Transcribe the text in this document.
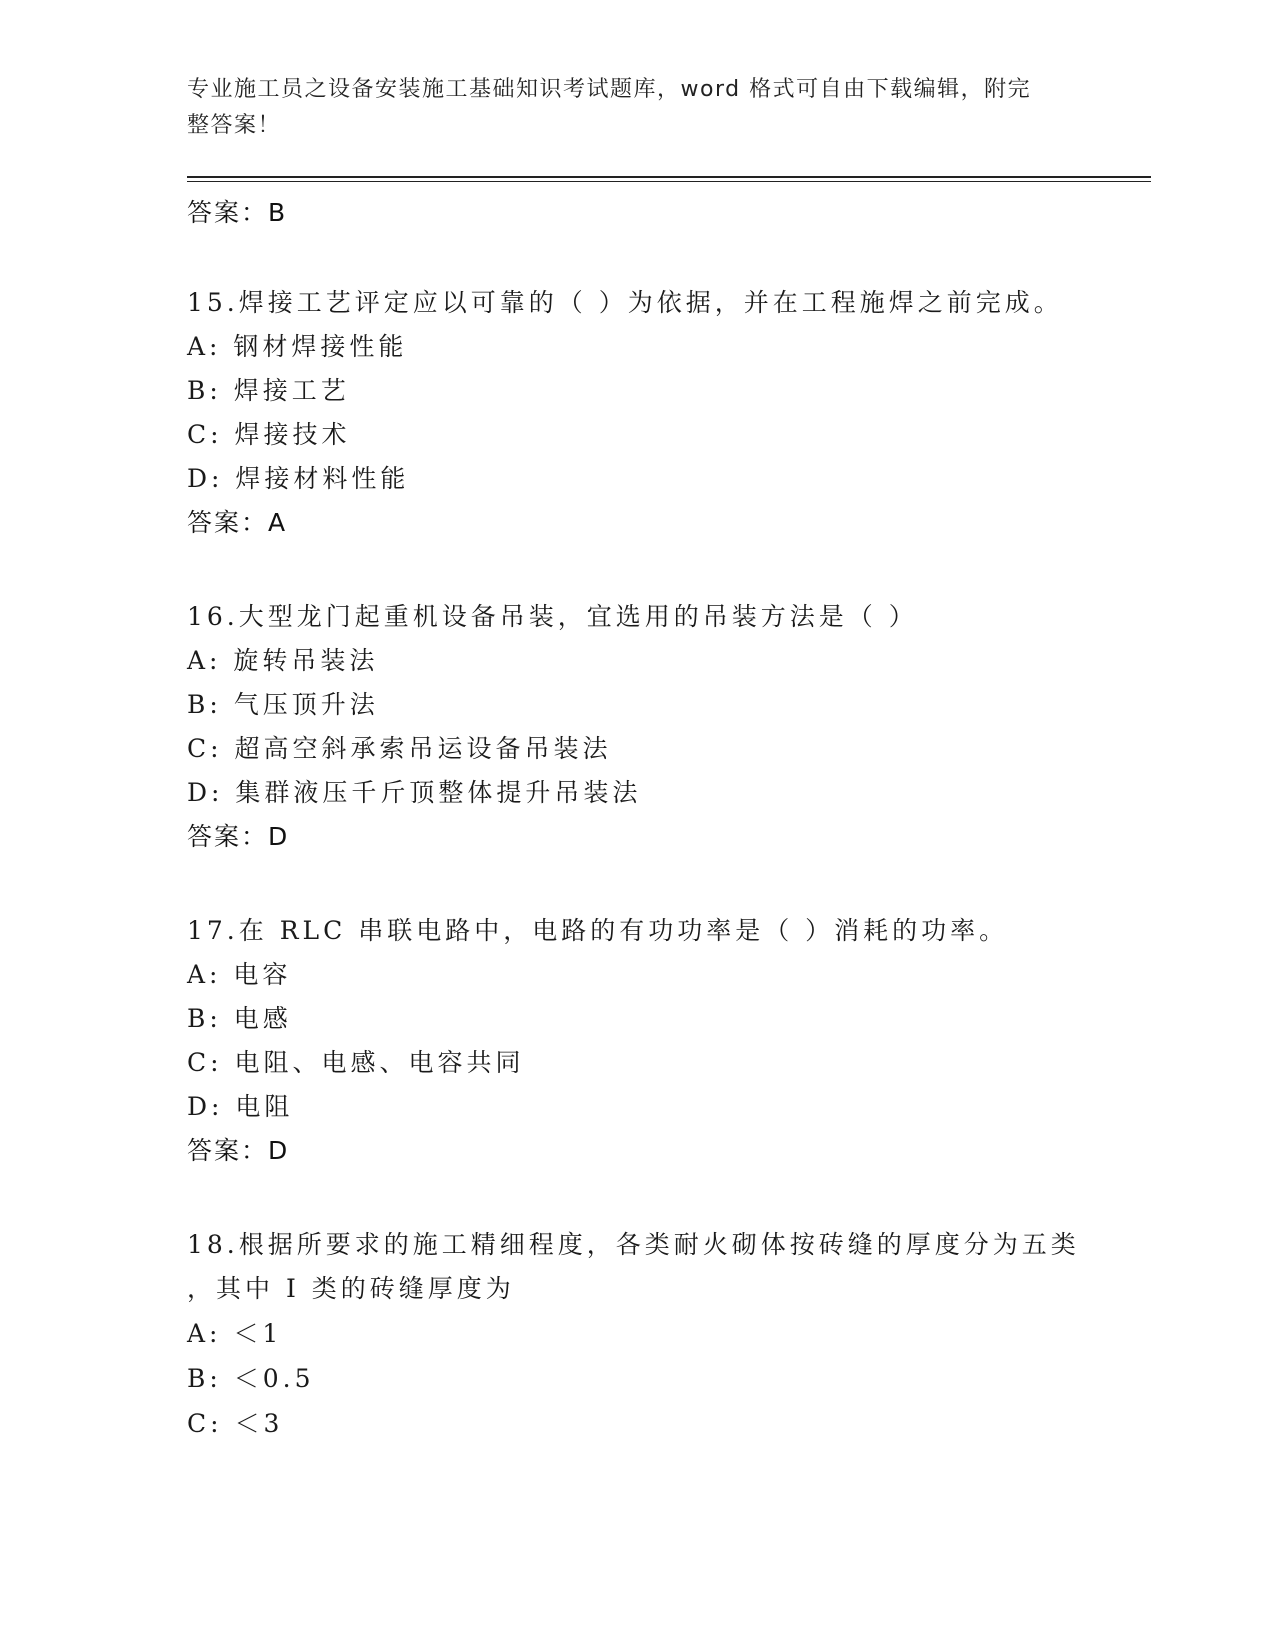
专业施工员之设备安装施工基础知识考试题库，word 格式可自由下载编辑，附完
整答案！
答案：B
15.焊接工艺评定应以可靠的（ ）为依据，并在工程施焊之前完成。
A: 钢材焊接性能
B: 焊接工艺
C: 焊接技术
D: 焊接材料性能
答案：A
16.大型龙门起重机设备吊装，宜选用的吊装方法是（ ）
A: 旋转吊装法
B: 气压顶升法
C: 超高空斜承索吊运设备吊装法
D: 集群液压千斤顶整体提升吊装法
答案：D
17.在 RLC 串联电路中，电路的有功功率是（ ）消耗的功率。
A: 电容
B: 电感
C: 电阻、电感、电容共同
D: 电阻
答案：D
18.根据所要求的施工精细程度，各类耐火砌体按砖缝的厚度分为五类
，其中 I 类的砖缝厚度为
A: ＜1
B: ＜0.5
C: ＜3
